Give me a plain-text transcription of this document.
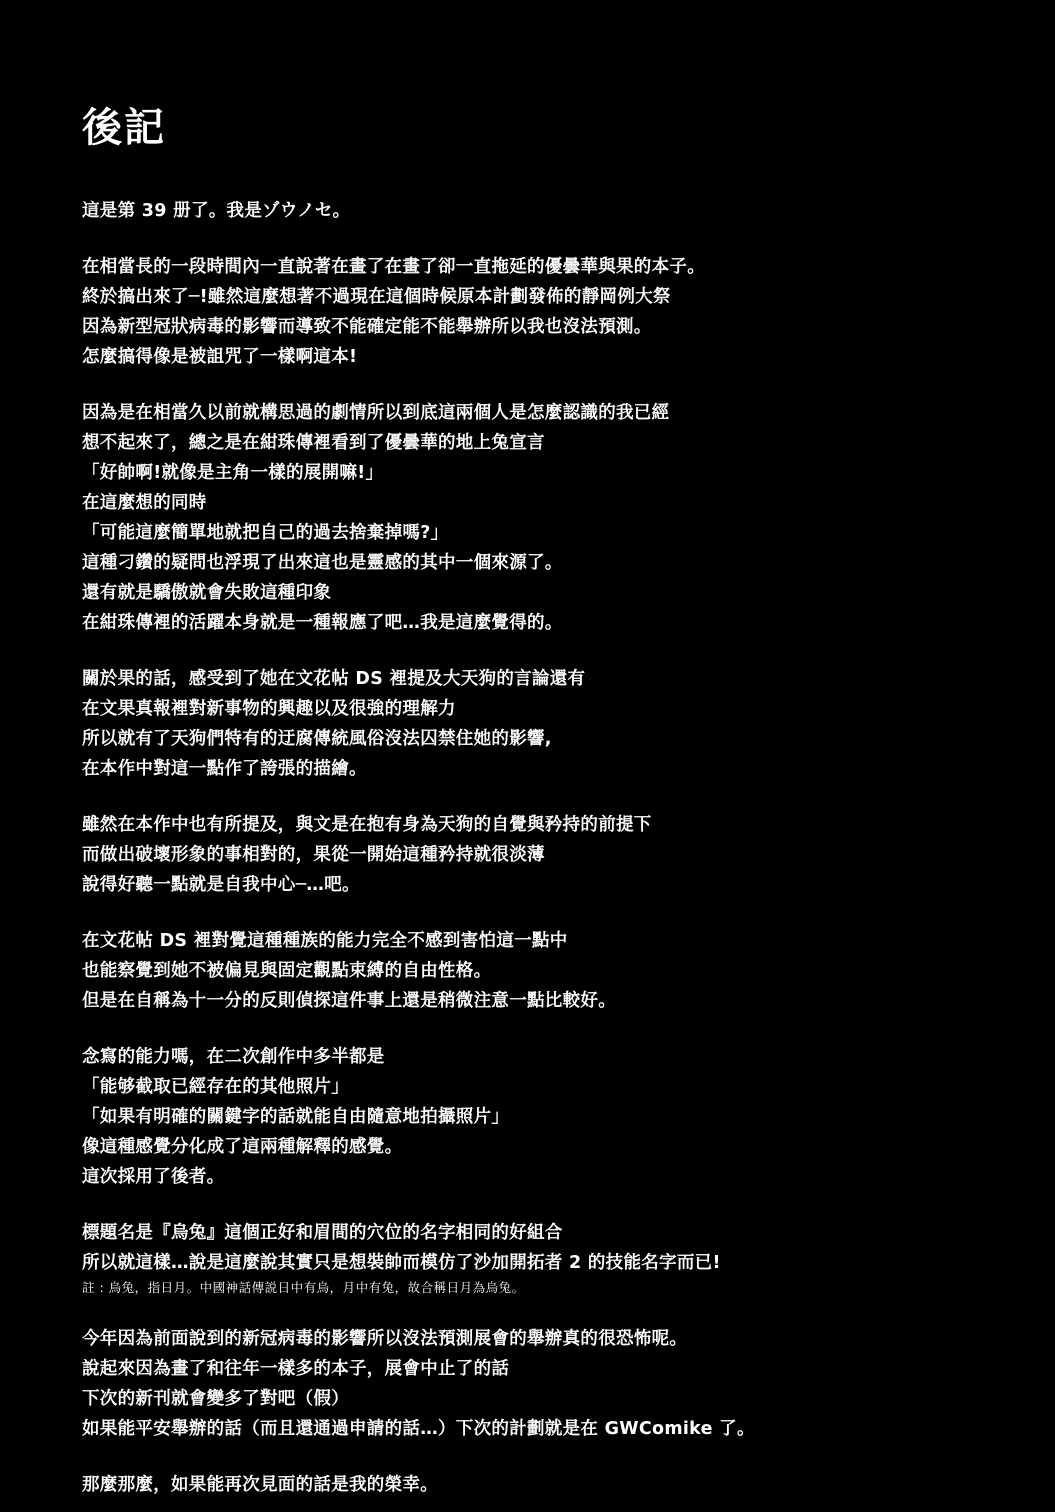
後記

這是第 39 册了。我是ゾウノセ。

在相當長的一段時間內一直說著在畫了在畫了卻一直拖延的優曇華與果的本子。
終於搞出來了─!雖然這麼想著不過現在這個時候原本計劃發佈的靜岡例大祭
因為新型冠狀病毒的影響而導致不能確定能不能舉辦所以我也沒法預測。
怎麼搞得像是被詛咒了一樣啊這本!

因為是在相當久以前就構思過的劇情所以到底這兩個人是怎麼認識的我已經
想不起來了，總之是在紺珠傳裡看到了優曇華的地上兔宣言
「好帥啊!就像是主角一樣的展開嘛!」
在這麼想的同時
「可能這麼簡單地就把自己的過去捨棄掉嗎?」
這種刁鑽的疑問也浮現了出來這也是靈感的其中一個來源了。
還有就是驕傲就會失敗這種印象
在紺珠傳裡的活躍本身就是一種報應了吧…我是這麼覺得的。

關於果的話，感受到了她在文花帖 DS 裡提及大天狗的言論還有
在文果真報裡對新事物的興趣以及很強的理解力
所以就有了天狗們特有的迂腐傳統風俗沒法囚禁住她的影響,
在本作中對這一點作了誇張的描繪。

雖然在本作中也有所提及，與文是在抱有身為天狗的自覺與矜持的前提下
而做出破壞形象的事相對的，果從一開始這種矜持就很淡薄
說得好聽一點就是自我中心─…吧。

在文花帖 DS 裡對覺這種種族的能力完全不感到害怕這一點中
也能察覺到她不被偏見與固定觀點束縛的自由性格。
但是在自稱為十一分的反則偵探這件事上還是稍微注意一點比較好。

念寫的能力嗎，在二次創作中多半都是
「能够截取已經存在的其他照片」
「如果有明確的關鍵字的話就能自由隨意地拍攝照片」
像這種感覺分化成了這兩種解釋的感覺。
這次採用了後者。

標題名是『烏兔』這個正好和眉間的穴位的名字相同的好組合
所以就這樣…說是這麼說其實只是想裝帥而模仿了沙加開拓者 2 的技能名字而已!
註 : 烏兔，指日月。中國神話傳説日中有烏，月中有兔，故合稱日月為烏兔。

今年因為前面說到的新冠病毒的影響所以沒法預測展會的舉辦真的很恐怖呢。
說起來因為畫了和往年一樣多的本子，展會中止了的話
下次的新刊就會變多了對吧（假）
如果能平安舉辦的話（而且還通過申請的話…）下次的計劃就是在 GWComike 了。

那麼那麼，如果能再次見面的話是我的榮幸。
